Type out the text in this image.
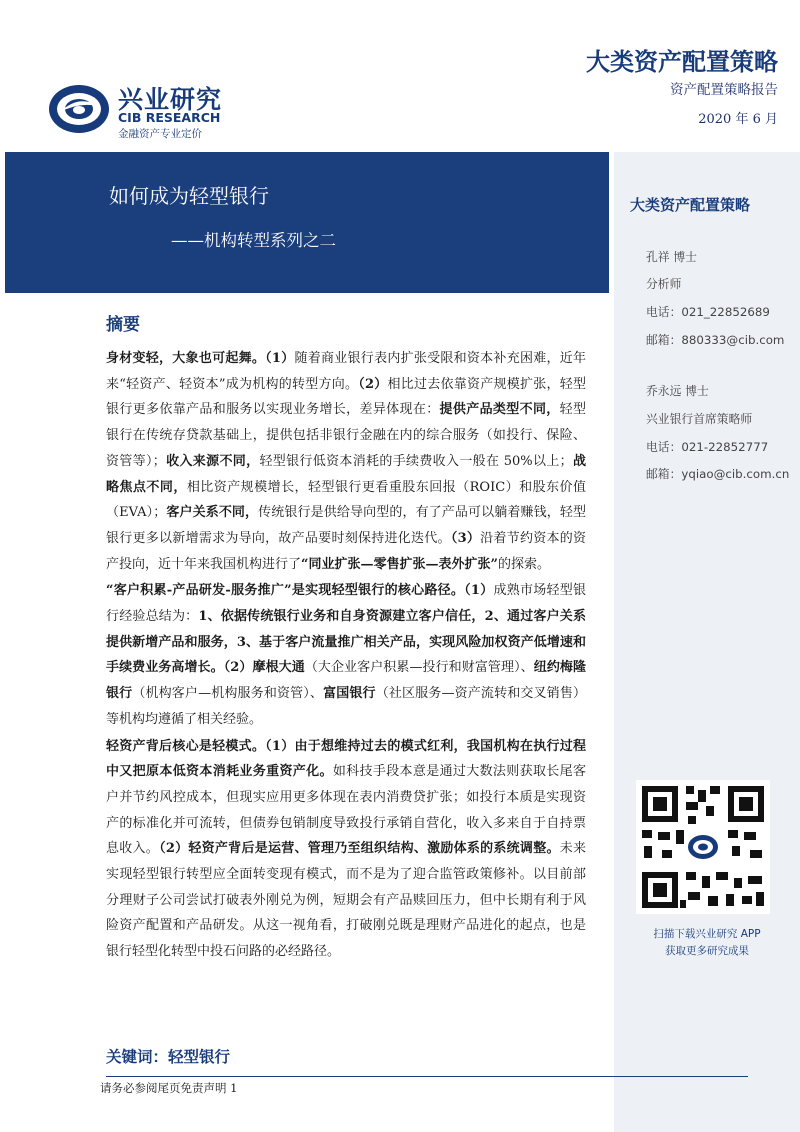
兴业研究
CIB RESEARCH
金融资产专业定价
大类资产配置策略
资产配置策略报告
2020 年 6 月
如何成为轻型银行
——机构转型系列之二
大类资产配置策略
孔祥 博士
分析师
电话：021_22852689
邮箱：880333@cib.com
乔永远 博士
兴业银行首席策略师
电话：021-22852777
邮箱：yqiao@cib.com.cn
扫描下载兴业研究 APP
获取更多研究成果
摘要

身材变轻，大象也可起舞。（1）随着商业银行表内扩张受限和资本补充困难，近年来“轻资产、轻资本”成为机构的转型方向。（2）相比过去依靠资产规模扩张，轻型银行更多依靠产品和服务以实现业务增长，差异体现在：提供产品类型不同，轻型银行在传统存贷款基础上，提供包括非银行金融在内的综合服务（如投行、保险、资管等）；收入来源不同，轻型银行低资本消耗的手续费收入一般在 50%以上；战略焦点不同，相比资产规模增长，轻型银行更看重股东回报（ROIC）和股东价值（EVA）；客户关系不同，传统银行是供给导向型的，有了产品可以躺着赚钱，轻型银行更多以新增需求为导向，故产品要时刻保持进化迭代。（3）沿着节约资本的资产投向，近十年来我国机构进行了“同业扩张—零售扩张—表外扩张”的探索。

“客户积累-产品研发-服务推广”是实现轻型银行的核心路径。（1）成熟市场轻型银行经验总结为：1、依据传统银行业务和自身资源建立客户信任，2、通过客户关系提供新增产品和服务，3、基于客户流量推广相关产品，实现风险加权资产低增速和手续费业务高增长。（2）摩根大通（大企业客户积累—投行和财富管理）、纽约梅隆银行（机构客户—机构服务和资管）、富国银行（社区服务—资产流转和交叉销售）等机构均遵循了相关经验。

轻资产背后核心是轻模式。（1）由于想维持过去的模式红利，我国机构在执行过程中又把原本低资本消耗业务重资产化。如科技手段本意是通过大数法则获取长尾客户并节约风控成本，但现实应用更多体现在表内消费贷扩张；如投行本质是实现资产的标准化并可流转，但债券包销制度导致投行承销自营化，收入多来自于自持票息收入。（2）轻资产背后是运营、管理乃至组织结构、激励体系的系统调整。未来实现轻型银行转型应全面转变现有模式，而不是为了迎合监管政策修补。以目前部分理财子公司尝试打破表外刚兑为例，短期会有产品赎回压力，但中长期有利于风险资产配置和产品研发。从这一视角看，打破刚兑既是理财产品进化的起点，也是银行轻型化转型中投石问路的必经路径。

关键词：轻型银行
请务必参阅尾页免责声明 1
